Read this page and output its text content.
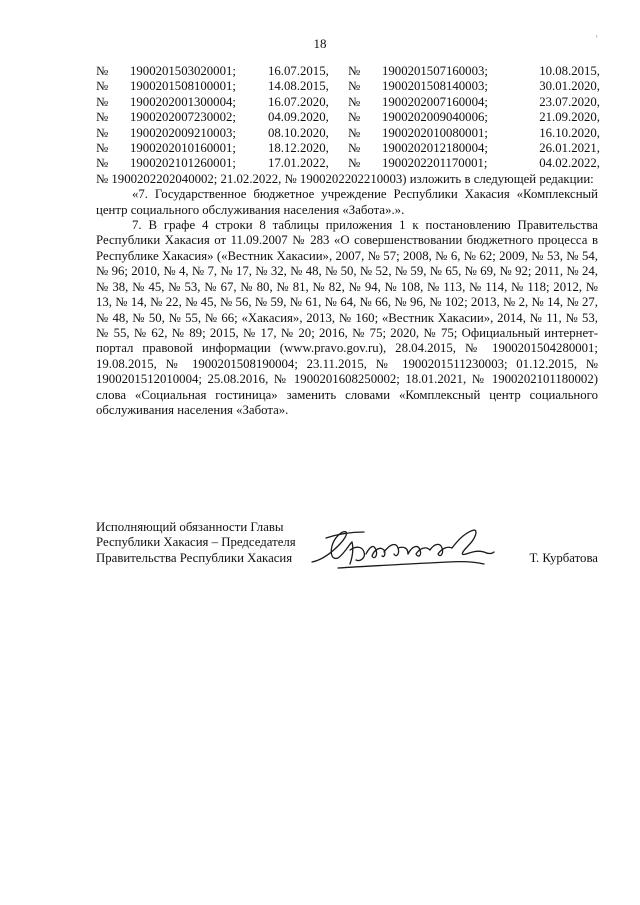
18	'
№	1900201503020001;	16.07.2015,	№	1900201507160003;	10.08.2015,
№	1900201508100001;	14.08.2015,	№	1900201508140003;	30.01.2020,
№	1900202001300004;	16.07.2020,	№	1900202007160004;	23.07.2020,
№	1900202007230002;	04.09.2020,	№	1900202009040006;	21.09.2020,
№	1900202009210003;	08.10.2020,	№	1900202010080001;	16.10.2020,
№	1900202010160001;	18.12.2020,	№	1900202012180004;	26.01.2021,
№	1900202101260001;	17.01.2022,	№	1900202201170001;	04.02.2022,

№ 1900202202040002; 21.02.2022, № 1900202202210003) изложить в следующей редакции:

«7. Государственное бюджетное учреждение Республики Хакасия «Комплексный центр социального обслуживания населения «Забота».».

7. В графе 4 строки 8 таблицы приложения 1 к постановлению Правительства Республики Хакасия от 11.09.2007 № 283 «О совершенствовании бюджетного процесса в Республике Хакасия» («Вестник Хакасии», 2007, № 57; 2008, № 6, № 62; 2009, № 53, № 54, № 96; 2010, № 4, № 7, № 17, № 32, № 48, № 50, № 52, № 59, № 65, № 69, № 92; 2011, № 24, № 38, № 45, № 53, № 67, № 80, № 81, № 82, № 94, № 108, № 113, № 114, № 118; 2012, № 13, № 14, № 22, № 45, № 56, № 59, № 61, № 64, № 66, № 96, № 102; 2013, № 2, № 14, № 27, № 48, № 50, № 55, № 66; «Хакасия», 2013, № 160; «Вестник Хакасии», 2014, № 11, № 53, № 55, № 62, № 89; 2015, № 17, № 20; 2016, № 75; 2020, № 75; Официальный интернет-портал правовой информации (www.pravo.gov.ru), 28.04.2015, № 1900201504280001; 19.08.2015, № 1900201508190004; 23.11.2015, № 1900201511230003; 01.12.2015, № 1900201512010004; 25.08.2016, № 1900201608250002; 18.01.2021, № 1900202101180002) слова «Социальная гостиница» заменить словами «Комплексный центр социального обслуживания населения «Забота».

Исполняющий обязанности Главы
Республики Хакасия – Председателя
Правительства Республики Хакасия	Т. Курбатова
